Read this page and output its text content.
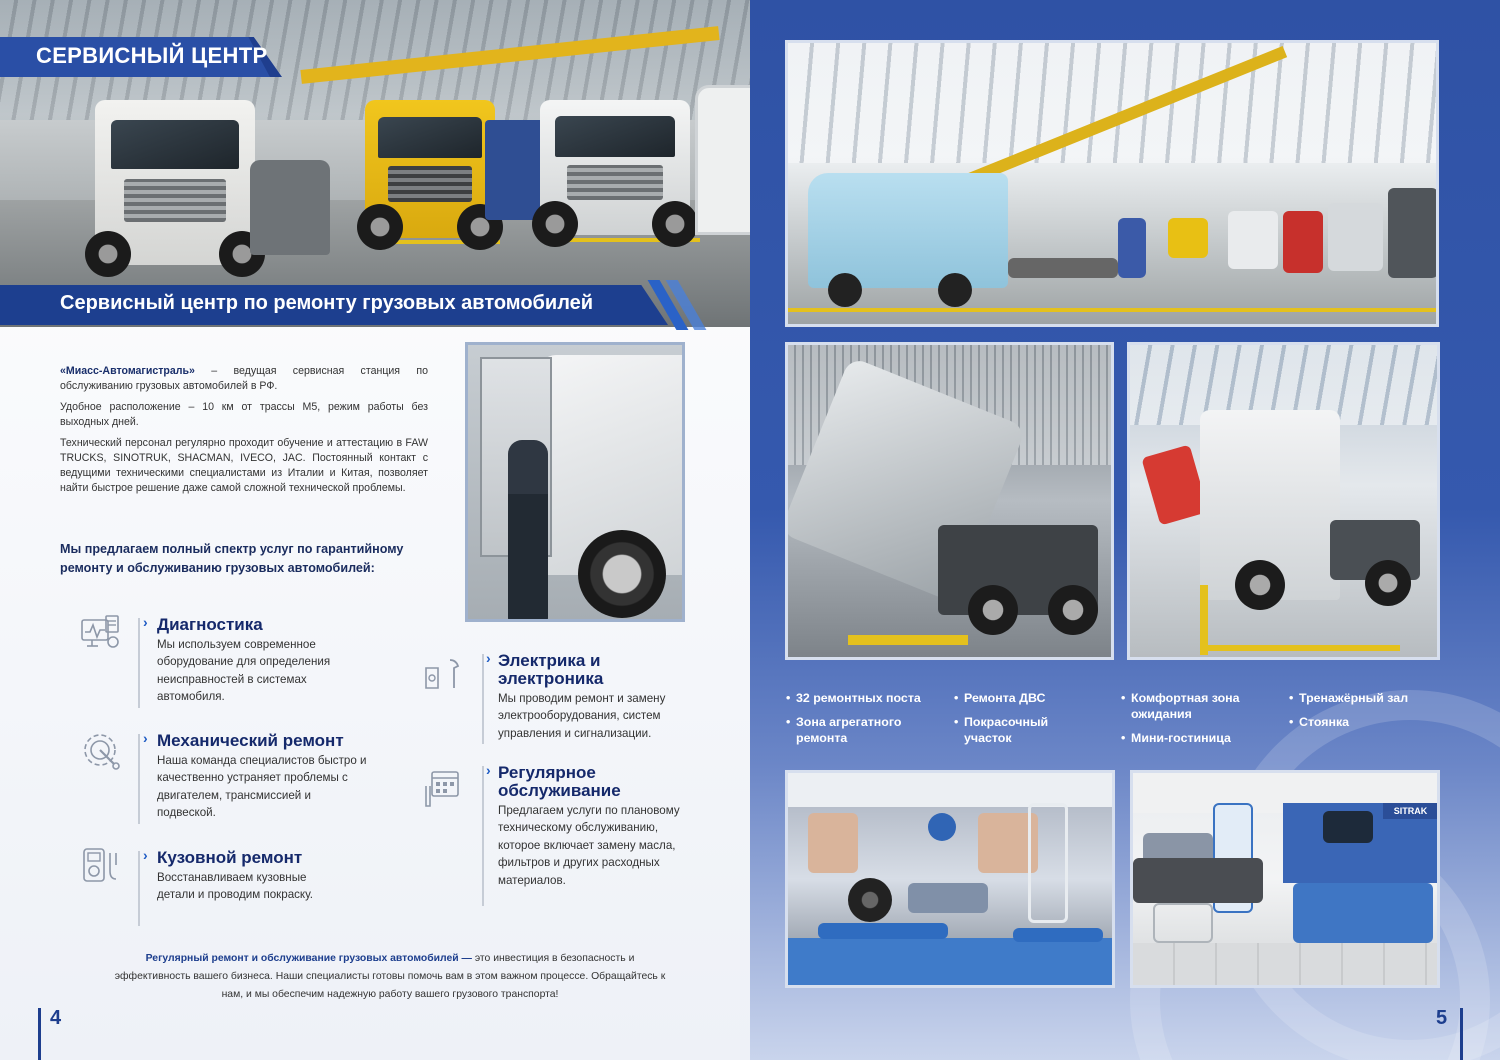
СЕРВИСНЫЙ ЦЕНТР
Сервисный центр по ремонту грузовых автомобилей

«Миасс-Автомагистраль» – ведущая сервисная станция по обслуживанию грузовых автомобилей в РФ.

Удобное расположение – 10 км от трассы М5, режим работы без выходных дней.

Технический персонал регулярно проходит обучение и аттестацию в FAW TRUCKS, SINOTRUK, SHACMAN, IVECO, JAC. Постоянный контакт с ведущими техническими специалистами из Италии и Китая, позволяет найти быстрое решение даже самой сложной технической проблемы.

Мы предлагаем полный спектр услуг по гарантийному ремонту и обслуживанию грузовых автомобилей:
› Диагностика
Мы используем современное оборудование для определения неисправностей в системах автомобиля.
› Механический ремонт
Наша команда специалистов быстро и качественно устраняет проблемы с двигателем, трансмиссией и подвеской.
› Кузовной ремонт
Восстанавливаем кузовные детали и проводим покраску.
› Электрика и электроника
Мы проводим ремонт и замену электрооборудования, систем управления и сигнализации.
› Регулярное обслуживание
Предлагаем услуги по плановому техническому обслуживанию, которое включает замену масла, фильтров и других расходных материалов.
Регулярный ремонт и обслуживание грузовых автомобилей — это инвестиция в безопасность и эффективность вашего бизнеса. Наши специалисты готовы помочь вам в этом важном процессе. Обращайтесь к нам, и мы обеспечим надежную работу вашего грузового транспорта!
4
• 32 ремонтных поста
• Зона агрегатного ремонта
• Ремонта ДВС
• Покрасочный участок
• Комфортная зона ожидания
• Мини-гостиница
• Тренажёрный зал
• Стоянка
SITRAK
5
